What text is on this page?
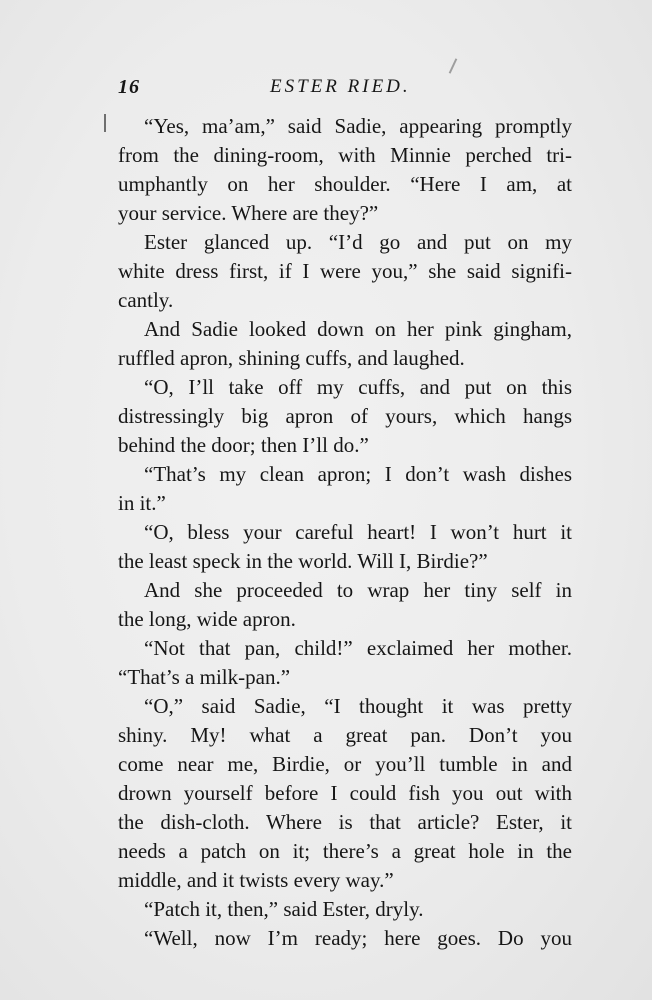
16	ESTER RIED.
“Yes, ma’am,” said Sadie, appearing promptly
from the dining-room, with Minnie perched tri-
umphantly on her shoulder. “Here I am, at
your service. Where are they?”
Ester glanced up. “I’d go and put on my
white dress first, if I were you,” she said signifi-
cantly.
And Sadie looked down on her pink gingham,
ruffled apron, shining cuffs, and laughed.
“O, I’ll take off my cuffs, and put on this
distressingly big apron of yours, which hangs
behind the door; then I’ll do.”
“That’s my clean apron; I don’t wash dishes
in it.”
“O, bless your careful heart! I won’t hurt it
the least speck in the world. Will I, Birdie?”
And she proceeded to wrap her tiny self in
the long, wide apron.
“Not that pan, child!” exclaimed her mother.
“That’s a milk-pan.”
“O,” said Sadie, “I thought it was pretty
shiny. My! what a great pan. Don’t you
come near me, Birdie, or you’ll tumble in and
drown yourself before I could fish you out with
the dish-cloth. Where is that article? Ester, it
needs a patch on it; there’s a great hole in the
middle, and it twists every way.”
“Patch it, then,” said Ester, dryly.
“Well, now I’m ready; here goes. Do you
